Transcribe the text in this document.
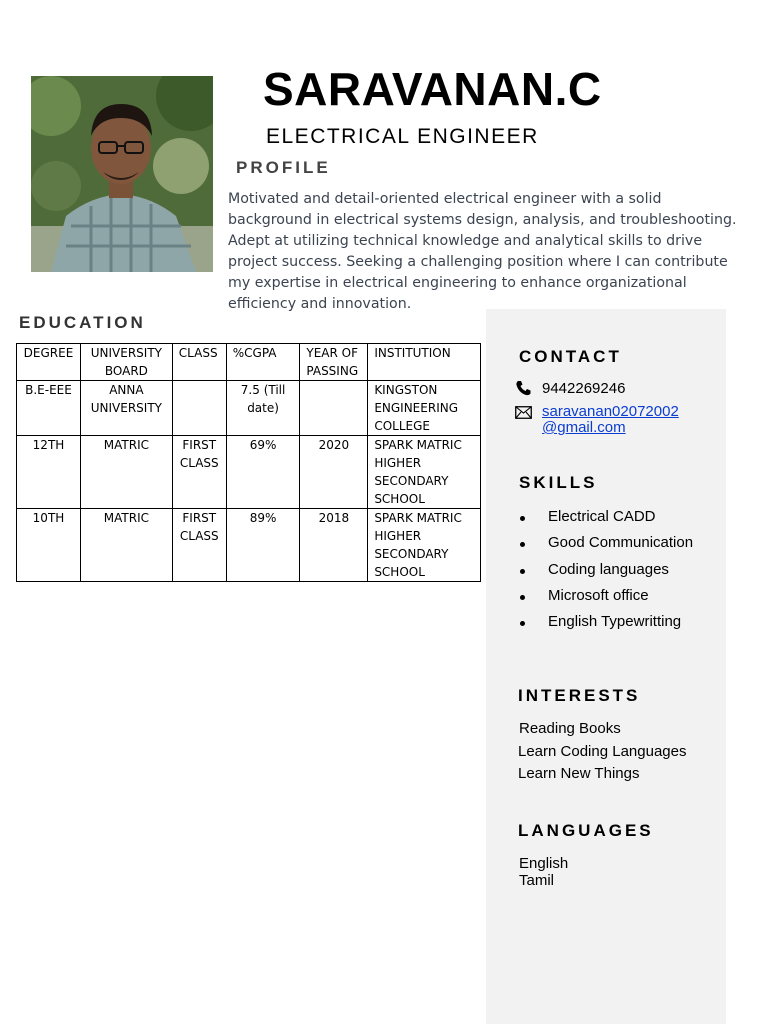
SARAVANAN.C
ELECTRICAL ENGINEER
PROFILE
Motivated and detail-oriented electrical engineer with a solid background in electrical systems design, analysis, and troubleshooting. Adept at utilizing technical knowledge and analytical skills to drive project success. Seeking a challenging position where I can contribute my expertise in electrical engineering to enhance organizational efficiency and innovation.
EDUCATION
DEGREE	UNIVERSITY BOARD	CLASS	%CGPA	YEAR OF PASSING	INSTITUTION
B.E-EEE	ANNA UNIVERSITY		7.5 (Till date)		KINGSTON ENGINEERING COLLEGE
12TH	MATRIC	FIRST CLASS	69%	2020	SPARK MATRIC HIGHER SECONDARY SCHOOL
10TH	MATRIC	FIRST CLASS	89%	2018	SPARK MATRIC HIGHER SECONDARY SCHOOL
CONTACT
9442269246
saravanan02072002
@gmail.com
SKILLS
Electrical CADD
Good Communication
Coding languages
Microsoft office
English Typewritting
INTERESTS
Reading Books
Learn Coding Languages
Learn New Things
LANGUAGES
English
Tamil
